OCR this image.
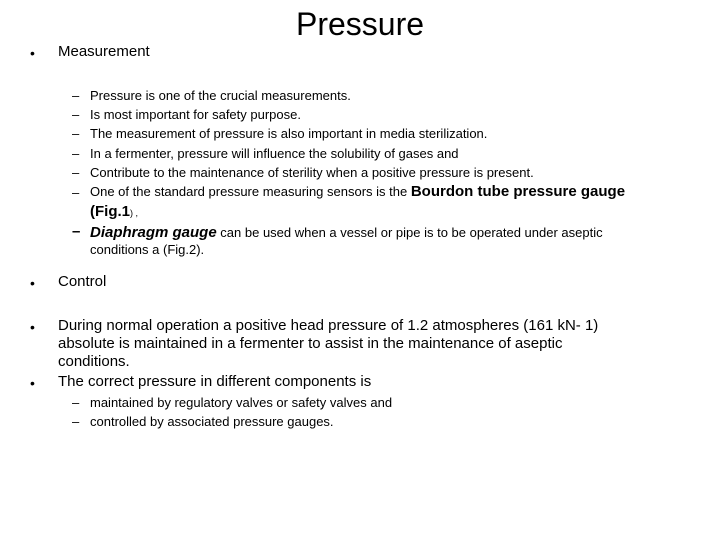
Pressure
•	Measurement
– Pressure is one of the crucial measurements.
– Is most important for safety purpose.
– The measurement of pressure is also important in media sterilization.
– In a fermenter, pressure will influence the solubility of gases and
– Contribute to the maintenance of sterility when a positive pressure is present.
– One of the standard pressure measuring sensors is the Bourdon tube pressure gauge
(Fig.1) ,
– Diaphragm gauge can be used when a vessel or pipe is to be operated under aseptic
conditions a (Fig.2).
•	Control
•	During normal operation a positive head pressure of 1.2 atmospheres (161 kN- 1) absolute is maintained in a fermenter to assist in the maintenance of aseptic conditions.
•	The correct pressure in different components is
– maintained by regulatory valves or safety valves and
– controlled by associated pressure gauges.
